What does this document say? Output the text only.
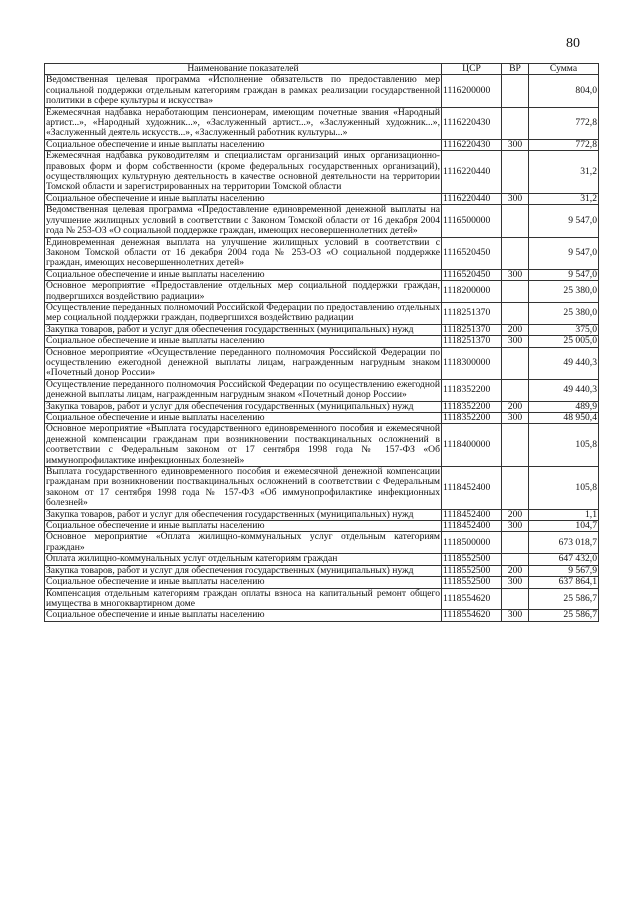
80
Наименование показателей	ЦСР	ВР	Сумма
Ведомственная целевая программа «Исполнение обязательств по предоставлению мер социальной поддержки отдельным категориям граждан в рамках реализации государственной политики в сфере культуры и искусства»	1116200000		804,0
Ежемесячная надбавка неработающим пенсионерам, имеющим почетные звания «Народный артист...», «Народный художник...», «Заслуженный артист...», «Заслуженный художник...», «Заслуженный деятель искусств...», «Заслуженный работник культуры...»	1116220430		772,8
Социальное обеспечение и иные выплаты населению	1116220430	300	772,8
Ежемесячная надбавка руководителям и специалистам организаций иных организационно-правовых форм и форм собственности (кроме федеральных государственных организаций), осуществляющих культурную деятельность в качестве основной деятельности на территории Томской области и зарегистрированных на территории Томской области	1116220440		31,2
Социальное обеспечение и иные выплаты населению	1116220440	300	31,2
Ведомственная целевая программа «Предоставление единовременной денежной выплаты на улучшение жилищных условий в соответствии с Законом Томской области от 16 декабря 2004 года № 253-ОЗ «О социальной поддержке граждан, имеющих несовершеннолетних детей»	1116500000		9 547,0
Единовременная денежная выплата на улучшение жилищных условий в соответствии с Законом Томской области от 16 декабря 2004 года № 253-ОЗ «О социальной поддержке граждан, имеющих несовершеннолетних детей»	1116520450		9 547,0
Социальное обеспечение и иные выплаты населению	1116520450	300	9 547,0
Основное мероприятие «Предоставление отдельных мер социальной поддержки граждан, подвергшихся воздействию радиации»	1118200000		25 380,0
Осуществление переданных полномочий Российской Федерации по предоставлению отдельных мер социальной поддержки граждан, подвергшихся воздействию радиации	1118251370		25 380,0
Закупка товаров, работ и услуг для обеспечения государственных (муниципальных) нужд	1118251370	200	375,0
Социальное обеспечение и иные выплаты населению	1118251370	300	25 005,0
Основное мероприятие «Осуществление переданного полномочия Российской Федерации по осуществлению ежегодной денежной выплаты лицам, награжденным нагрудным знаком «Почетный донор России»	1118300000		49 440,3
Осуществление переданного полномочия Российской Федерации по осуществлению ежегодной денежной выплаты лицам, награжденным нагрудным знаком «Почетный донор России»	1118352200		49 440,3
Закупка товаров, работ и услуг для обеспечения государственных (муниципальных) нужд	1118352200	200	489,9
Социальное обеспечение и иные выплаты населению	1118352200	300	48 950,4
Основное мероприятие «Выплата государственного единовременного пособия и ежемесячной денежной компенсации гражданам при возникновении поствакцинальных осложнений в соответствии с Федеральным законом от 17 сентября 1998 года № 157-ФЗ «Об иммунопрофилактике инфекционных болезней»	1118400000		105,8
Выплата государственного единовременного пособия и ежемесячной денежной компенсации гражданам при возникновении поствакцинальных осложнений в соответствии с Федеральным законом от 17 сентября 1998 года № 157-ФЗ «Об иммунопрофилактике инфекционных болезней»	1118452400		105,8
Закупка товаров, работ и услуг для обеспечения государственных (муниципальных) нужд	1118452400	200	1,1
Социальное обеспечение и иные выплаты населению	1118452400	300	104,7
Основное мероприятие «Оплата жилищно-коммунальных услуг отдельным категориям граждан»	1118500000		673 018,7
Оплата жилищно-коммунальных услуг отдельным категориям граждан	1118552500		647 432,0
Закупка товаров, работ и услуг для обеспечения государственных (муниципальных) нужд	1118552500	200	9 567,9
Социальное обеспечение и иные выплаты населению	1118552500	300	637 864,1
Компенсация отдельным категориям граждан оплаты взноса на капитальный ремонт общего имущества в многоквартирном доме	1118554620		25 586,7
Социальное обеспечение и иные выплаты населению	1118554620	300	25 586,7
